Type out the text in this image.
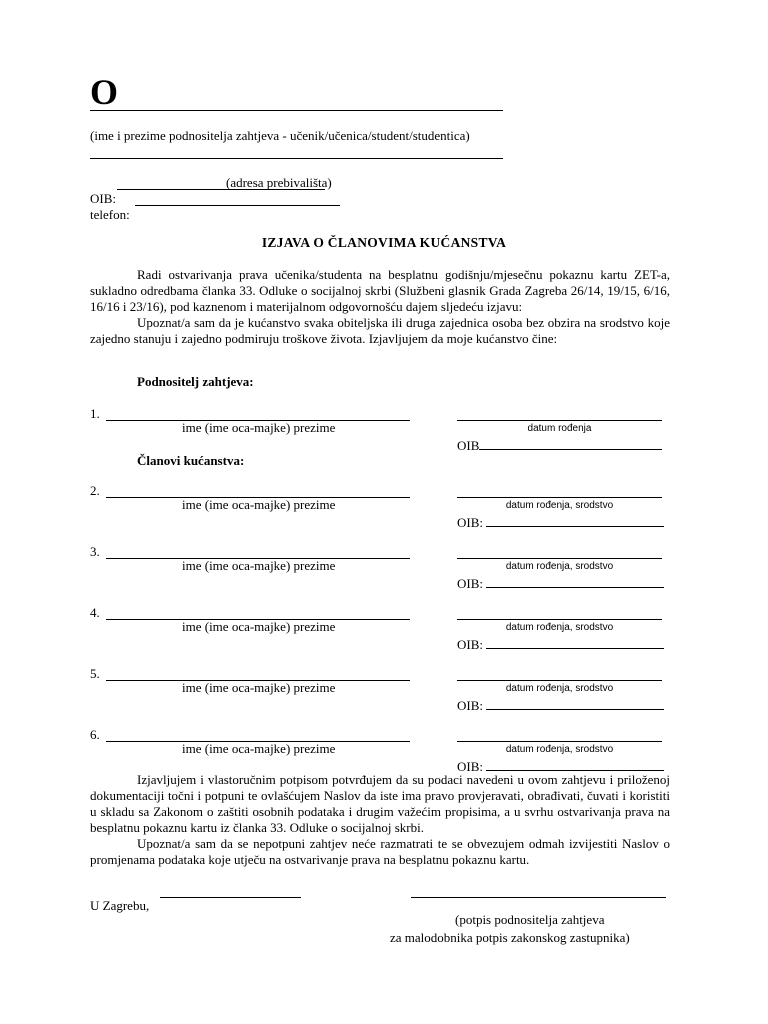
O
(ime i prezime podnositelja zahtjeva - učenik/učenica/student/studentica)
(adresa prebivališta)
OIB:
telefon:
IZJAVA O ČLANOVIMA KUĆANSTVA

Radi ostvarivanja prava učenika/studenta na besplatnu godišnju/mjesečnu pokaznu kartu ZET-a, sukladno odredbama članka 33. Odluke o socijalnoj skrbi (Službeni glasnik Grada Zagreba 26/14, 19/15, 6/16, 16/16 i 23/16), pod kaznenom i materijalnom odgovornošću dajem sljedeću izjavu:

Upoznat/a sam da je kućanstvo svaka obiteljska ili druga zajednica osoba bez obzira na srodstvo koje zajedno stanuju i zajedno podmiruju troškove života. Izjavljujem da moje kućanstvo čine:

Podnositelj zahtjeva:
1.
ime (ime oca-majke) prezime	datum rođenja
OIB
Članovi kućanstva:
2.
ime (ime oca-majke) prezime	datum rođenja, srodstvo
OIB:
3.
ime (ime oca-majke) prezime	datum rođenja, srodstvo
OIB:
4.
ime (ime oca-majke) prezime	datum rođenja, srodstvo
OIB:
5.
ime (ime oca-majke) prezime	datum rođenja, srodstvo
OIB:
6.
ime (ime oca-majke) prezime	datum rođenja, srodstvo
OIB:

Izjavljujem i vlastoručnim potpisom potvrđujem da su podaci navedeni u ovom zahtjevu i priloženoj dokumentaciji točni i potpuni te ovlašćujem Naslov da iste ima pravo provjeravati, obrađivati, čuvati i koristiti u skladu sa Zakonom o zaštiti osobnih podataka i drugim važećim propisima, a u svrhu ostvarivanja prava na besplatnu pokaznu kartu iz članka 33. Odluke o socijalnoj skrbi.

Upoznat/a sam da se nepotpuni zahtjev neće razmatrati te se obvezujem odmah izvijestiti Naslov o promjenama podataka koje utječu na ostvarivanje prava na besplatnu pokaznu kartu.

U Zagrebu,
(potpis podnositelja zahtjeva
za malodobnika potpis zakonskog zastupnika)
